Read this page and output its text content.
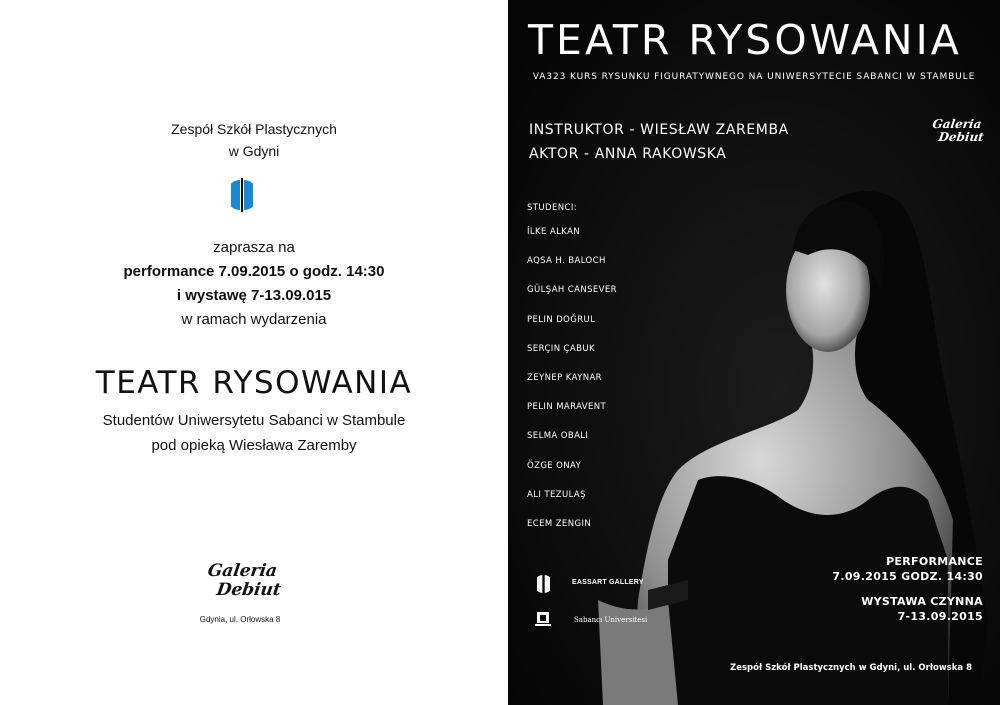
Zespół Szkół Plastycznych
w Gdyni
zaprasza na
performance 7.09.2015 o godz. 14:30
i wystawę 7-13.09.015
w ramach wydarzenia
TEATR RYSOWANIA
Studentów Uniwersytetu Sabanci w Stambule
pod opieką Wiesława Zaremby
Galeria
Debiut
Gdynia, ul. Orłowska 8
TEATR RYSOWANIA
VA323 KURS RYSUNKU FIGURATYWNEGO NA UNIWERSYTECIE SABANCI W STAMBULE
INSTRUKTOR - WIESŁAW ZAREMBA
AKTOR - ANNA RAKOWSKA
Galeria
Debiut
STUDENCI:
İLKE ALKAN
AQSA H. BALOCH
GÜLŞAH CANSEVER
PELIN DOĞRUL
SERÇIN ÇABUK
ZEYNEP KAYNAR
PELIN MARAVENT
SELMA OBALI
ÖZGE ONAY
ALI TEZULAŞ
ECEM ZENGIN
PERFORMANCE
7.09.2015 GODZ. 14:30
WYSTAWA CZYNNA
7-13.09.2015
EASSART GALLERY
Sabancı Universitesi
Zespół Szkół Plastycznych w Gdyni, ul. Orłowska 8
